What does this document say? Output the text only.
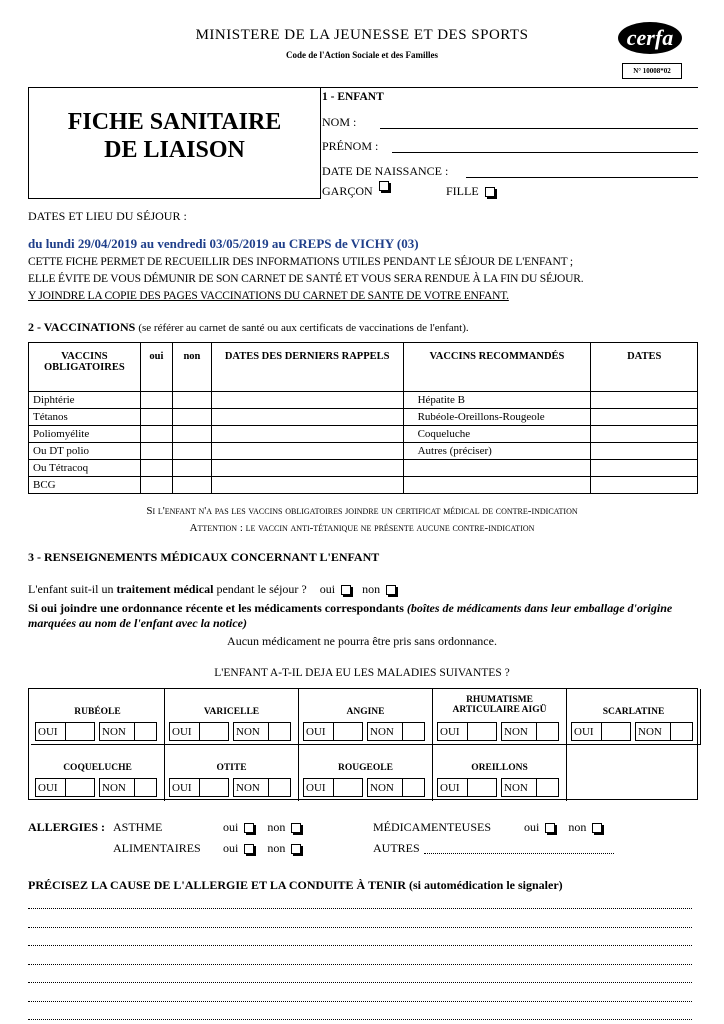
MINISTERE DE LA JEUNESSE ET DES SPORTS
Code de l'Action Sociale et des Familles
cerfa
N° 10008*02
FICHE SANITAIRE
DE LIAISON
1 - ENFANT
NOM :
PRÉNOM :
DATE DE NAISSANCE :
GARÇON	FILLE
DATES ET LIEU DU SÉJOUR :
du lundi 29/04/2019 au vendredi 03/05/2019 au CREPS de VICHY (03)
CETTE FICHE PERMET DE RECUEILLIR DES INFORMATIONS UTILES PENDANT LE SÉJOUR DE L'ENFANT ;
ELLE ÉVITE DE VOUS DÉMUNIR DE SON CARNET DE SANTÉ ET VOUS SERA RENDUE À LA FIN DU SÉJOUR.
Y JOINDRE LA COPIE DES PAGES VACCINATIONS DU CARNET DE SANTE DE VOTRE ENFANT.
2 - VACCINATIONS (se référer au carnet de santé ou aux certificats de vaccinations de l'enfant).
VACCINS OBLIGATOIRES	oui	non	DATES DES DERNIERS RAPPELS	VACCINS RECOMMANDÉS	DATES
Diphtérie				Hépatite B	
Tétanos				Rubéole-Oreillons-Rougeole	
Poliomyélite				Coqueluche	
Ou DT polio				Autres (préciser)	
Ou Tétracoq					
BCG					
Si l'enfant n'a pas les vaccins obligatoires joindre un certificat médical de contre-indication
Attention : le vaccin anti-tétanique ne présente aucune contre-indication
3 - RENSEIGNEMENTS MÉDICAUX CONCERNANT L'ENFANT
L'enfant suit-il un traitement médical pendant le séjour ? oui non
Si oui joindre une ordonnance récente et les médicaments correspondants (boîtes de médicaments dans leur emballage d'origine marquées au nom de l'enfant avec la notice)
Aucun médicament ne pourra être pris sans ordonnance.
L'ENFANT A-T-IL DEJA EU LES MALADIES SUIVANTES ?
RUBÉOLE
OUI	NON
VARICELLE
OUI	NON
ANGINE
OUI	NON
RHUMATISME ARTICULAIRE AIGÜ
OUI	NON
SCARLATINE
OUI	NON
COQUELUCHE
OUI	NON
OTITE
OUI	NON
ROUGEOLE
OUI	NON
OREILLONS
OUI	NON
ALLERGIES : ASTHME	oui non	MÉDICAMENTEUSES	oui non
ALIMENTAIRES oui non	AUTRES
PRÉCISEZ LA CAUSE DE L'ALLERGIE ET LA CONDUITE À TENIR (si automédication le signaler)
